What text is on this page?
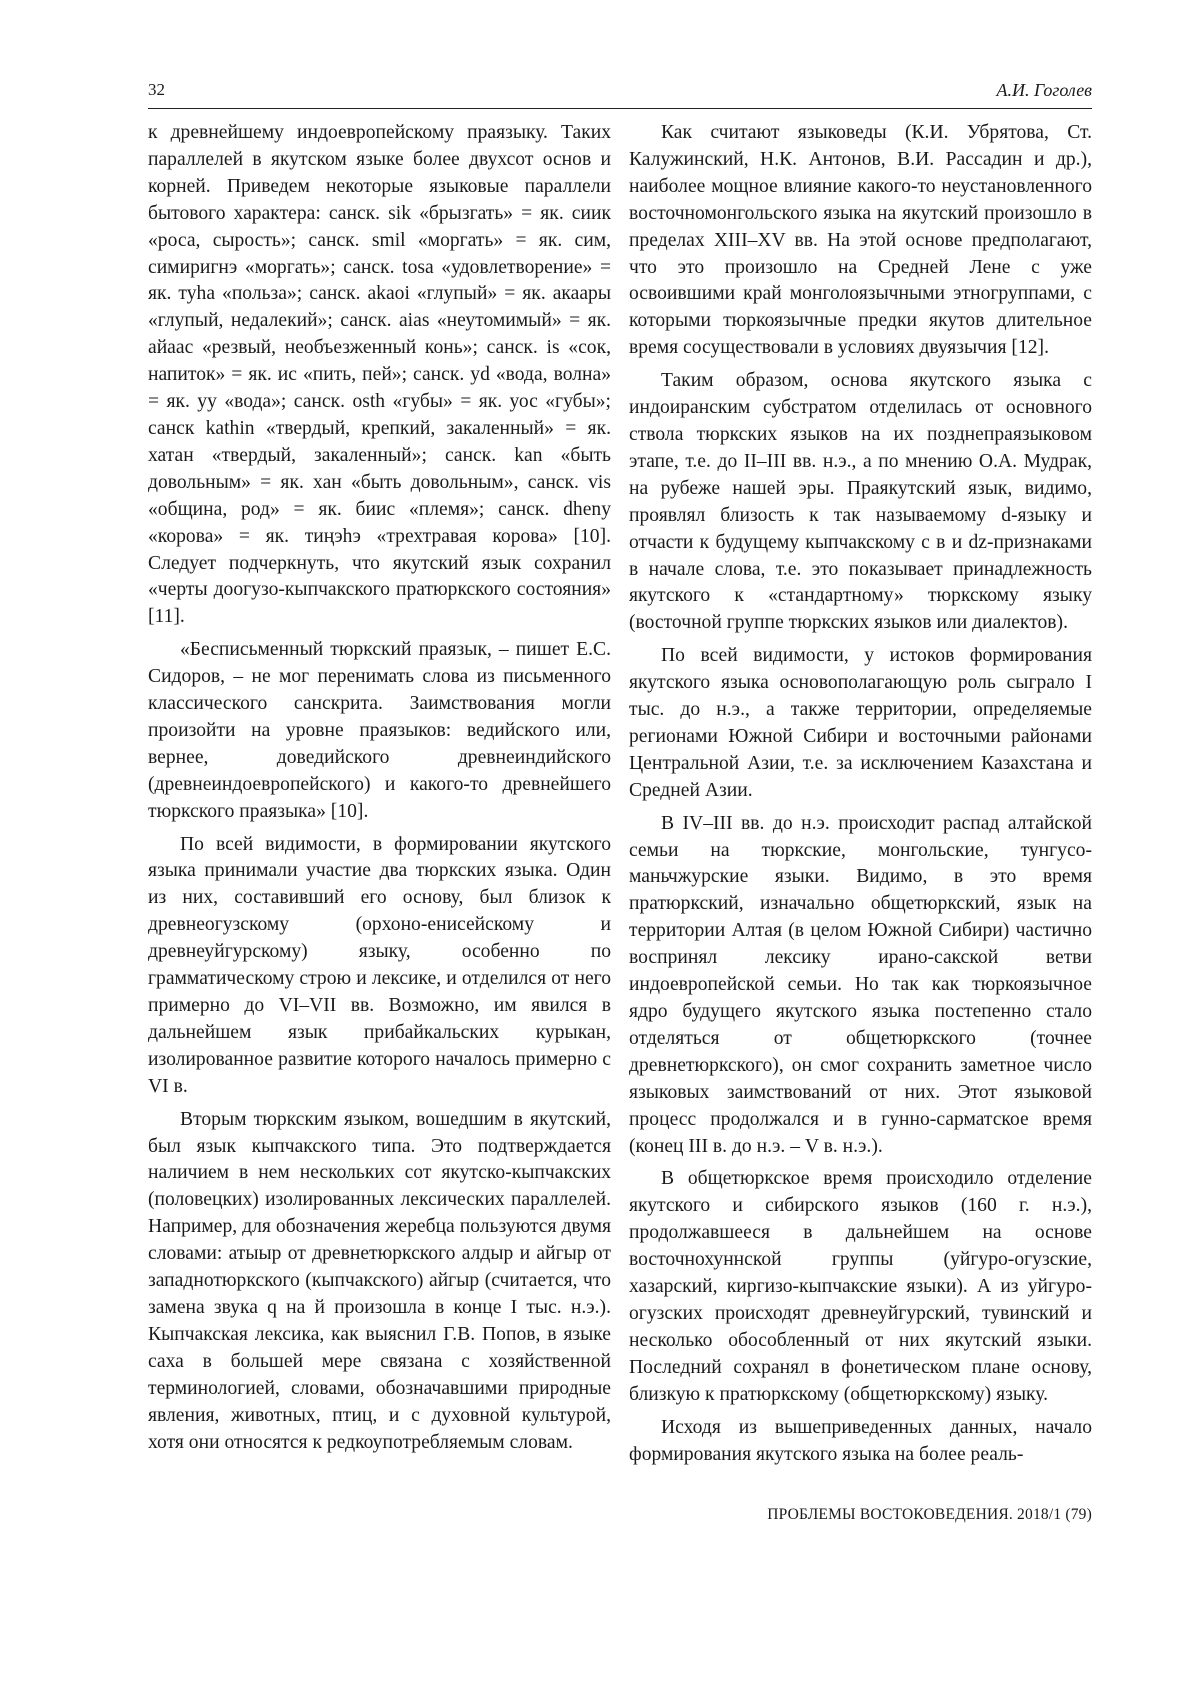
32	А.И. Гоголев

к древнейшему индоевропейскому праязыку. Таких параллелей в якутском языке более двухсот основ и корней. Приведем некоторые языковые параллели бытового характера: санск. sik «брызгать» = як. сиик «роса, сырость»; санск. smil «моргать» = як. сим, симиригнэ «моргать»; санск. tosa «удовлетворение» = як. туһа «польза»; санск. akaoi «глупый» = як. акаары «глупый, недалекий»; санск. aias «неутомимый» = як. айаас «резвый, необъезженный конь»; санск. is «сок, напиток» = як. ис «пить, пей»; санск. yd «вода, волна» = як. уу «вода»; санск. osth «губы» = як. уос «губы»; санск kathin «твердый, крепкий, закаленный» = як. хатан «твердый, закаленный»; санск. kan «быть довольным» = як. хан «быть довольным», санск. vis «община, род» = як. биис «племя»; санск. dheny «корова» = як. тиңэһэ «трехтравая корова» [10]. Следует подчеркнуть, что якутский язык сохранил «черты доогузо-кыпчакского пратюркского состояния» [11].

«Бесписьменный тюркский праязык, – пишет Е.С. Сидоров, – не мог перенимать слова из письменного классического санскрита. Заимствования могли произойти на уровне праязыков: ведийского или, вернее, доведийского древнеиндийского (древнеиндоевропейского) и какого-то древнейшего тюркского праязыка» [10].

По всей видимости, в формировании якутского языка принимали участие два тюркских языка. Один из них, составивший его основу, был близок к древнеогузскому (орхоно-енисейскому и древнеуйгурскому) языку, особенно по грамматическому строю и лексике, и отделился от него примерно до VI–VII вв. Возможно, им явился в дальнейшем язык прибайкальских курыкан, изолированное развитие которого началось примерно с VI в.

Вторым тюркским языком, вошедшим в якутский, был язык кыпчакского типа. Это подтверждается наличием в нем нескольких сот якутско-кыпчакских (половецких) изолированных лексических параллелей. Например, для обозначения жеребца пользуются двумя словами: атыыр от древнетюркского алдыр и айгыр от западнотюркского (кыпчакского) айгыр (считается, что замена звука q на й произошла в конце I тыс. н.э.). Кыпчакская лексика, как выяснил Г.В. Попов, в языке саха в большей мере связана с хозяйственной терминологией, словами, обозначавшими природные явления, животных, птиц, и с духовной культурой, хотя они относятся к редкоупотребляемым словам.

Как считают языковеды (К.И. Убрятова, Ст. Калужинский, Н.К. Антонов, В.И. Рассадин и др.), наиболее мощное влияние какого-то неустановленного восточномонгольского языка на якутский произошло в пределах XIII–XV вв. На этой основе предполагают, что это произошло на Средней Лене с уже освоившими край монголоязычными этногруппами, с которыми тюркоязычные предки якутов длительное время сосуществовали в условиях двуязычия [12].

Таким образом, основа якутского языка с индоиранским субстратом отделилась от основного ствола тюркских языков на их позднепраязыковом этапе, т.е. до II–III вв. н.э., а по мнению О.А. Мудрак, на рубеже нашей эры. Праякутский язык, видимо, проявлял близость к так называемому d-языку и отчасти к будущему кыпчакскому с в и dz-признаками в начале слова, т.е. это показывает принадлежность якутского к «стандартному» тюркскому языку (восточной группе тюркских языков или диалектов).

По всей видимости, у истоков формирования якутского языка основополагающую роль сыграло I тыс. до н.э., а также территории, определяемые регионами Южной Сибири и восточными районами Центральной Азии, т.е. за исключением Казахстана и Средней Азии.

В IV–III вв. до н.э. происходит распад алтайской семьи на тюркские, монгольские, тунгусо-маньчжурские языки. Видимо, в это время пратюркский, изначально общетюркский, язык на территории Алтая (в целом Южной Сибири) частично воспринял лексику ирано-сакской ветви индоевропейской семьи. Но так как тюркоязычное ядро будущего якутского языка постепенно стало отделяться от общетюркского (точнее древнетюркского), он смог сохранить заметное число языковых заимствований от них. Этот языковой процесс продолжался и в гунно-сарматское время (конец III в. до н.э. – V в. н.э.).

В общетюркское время происходило отделение якутского и сибирского языков (160 г. н.э.), продолжавшееся в дальнейшем на основе восточнохуннской группы (уйгуро-огузские, хазарский, киргизо-кыпчакские языки). А из уйгуро-огузских происходят древнеуйгурский, тувинский и несколько обособленный от них якутский языки. Последний сохранял в фонетическом плане основу, близкую к пратюркскому (общетюркскому) языку.

Исходя из вышеприведенных данных, начало формирования якутского языка на более реаль-

ПРОБЛЕМЫ ВОСТОКОВЕДЕНИЯ. 2018/1 (79)
